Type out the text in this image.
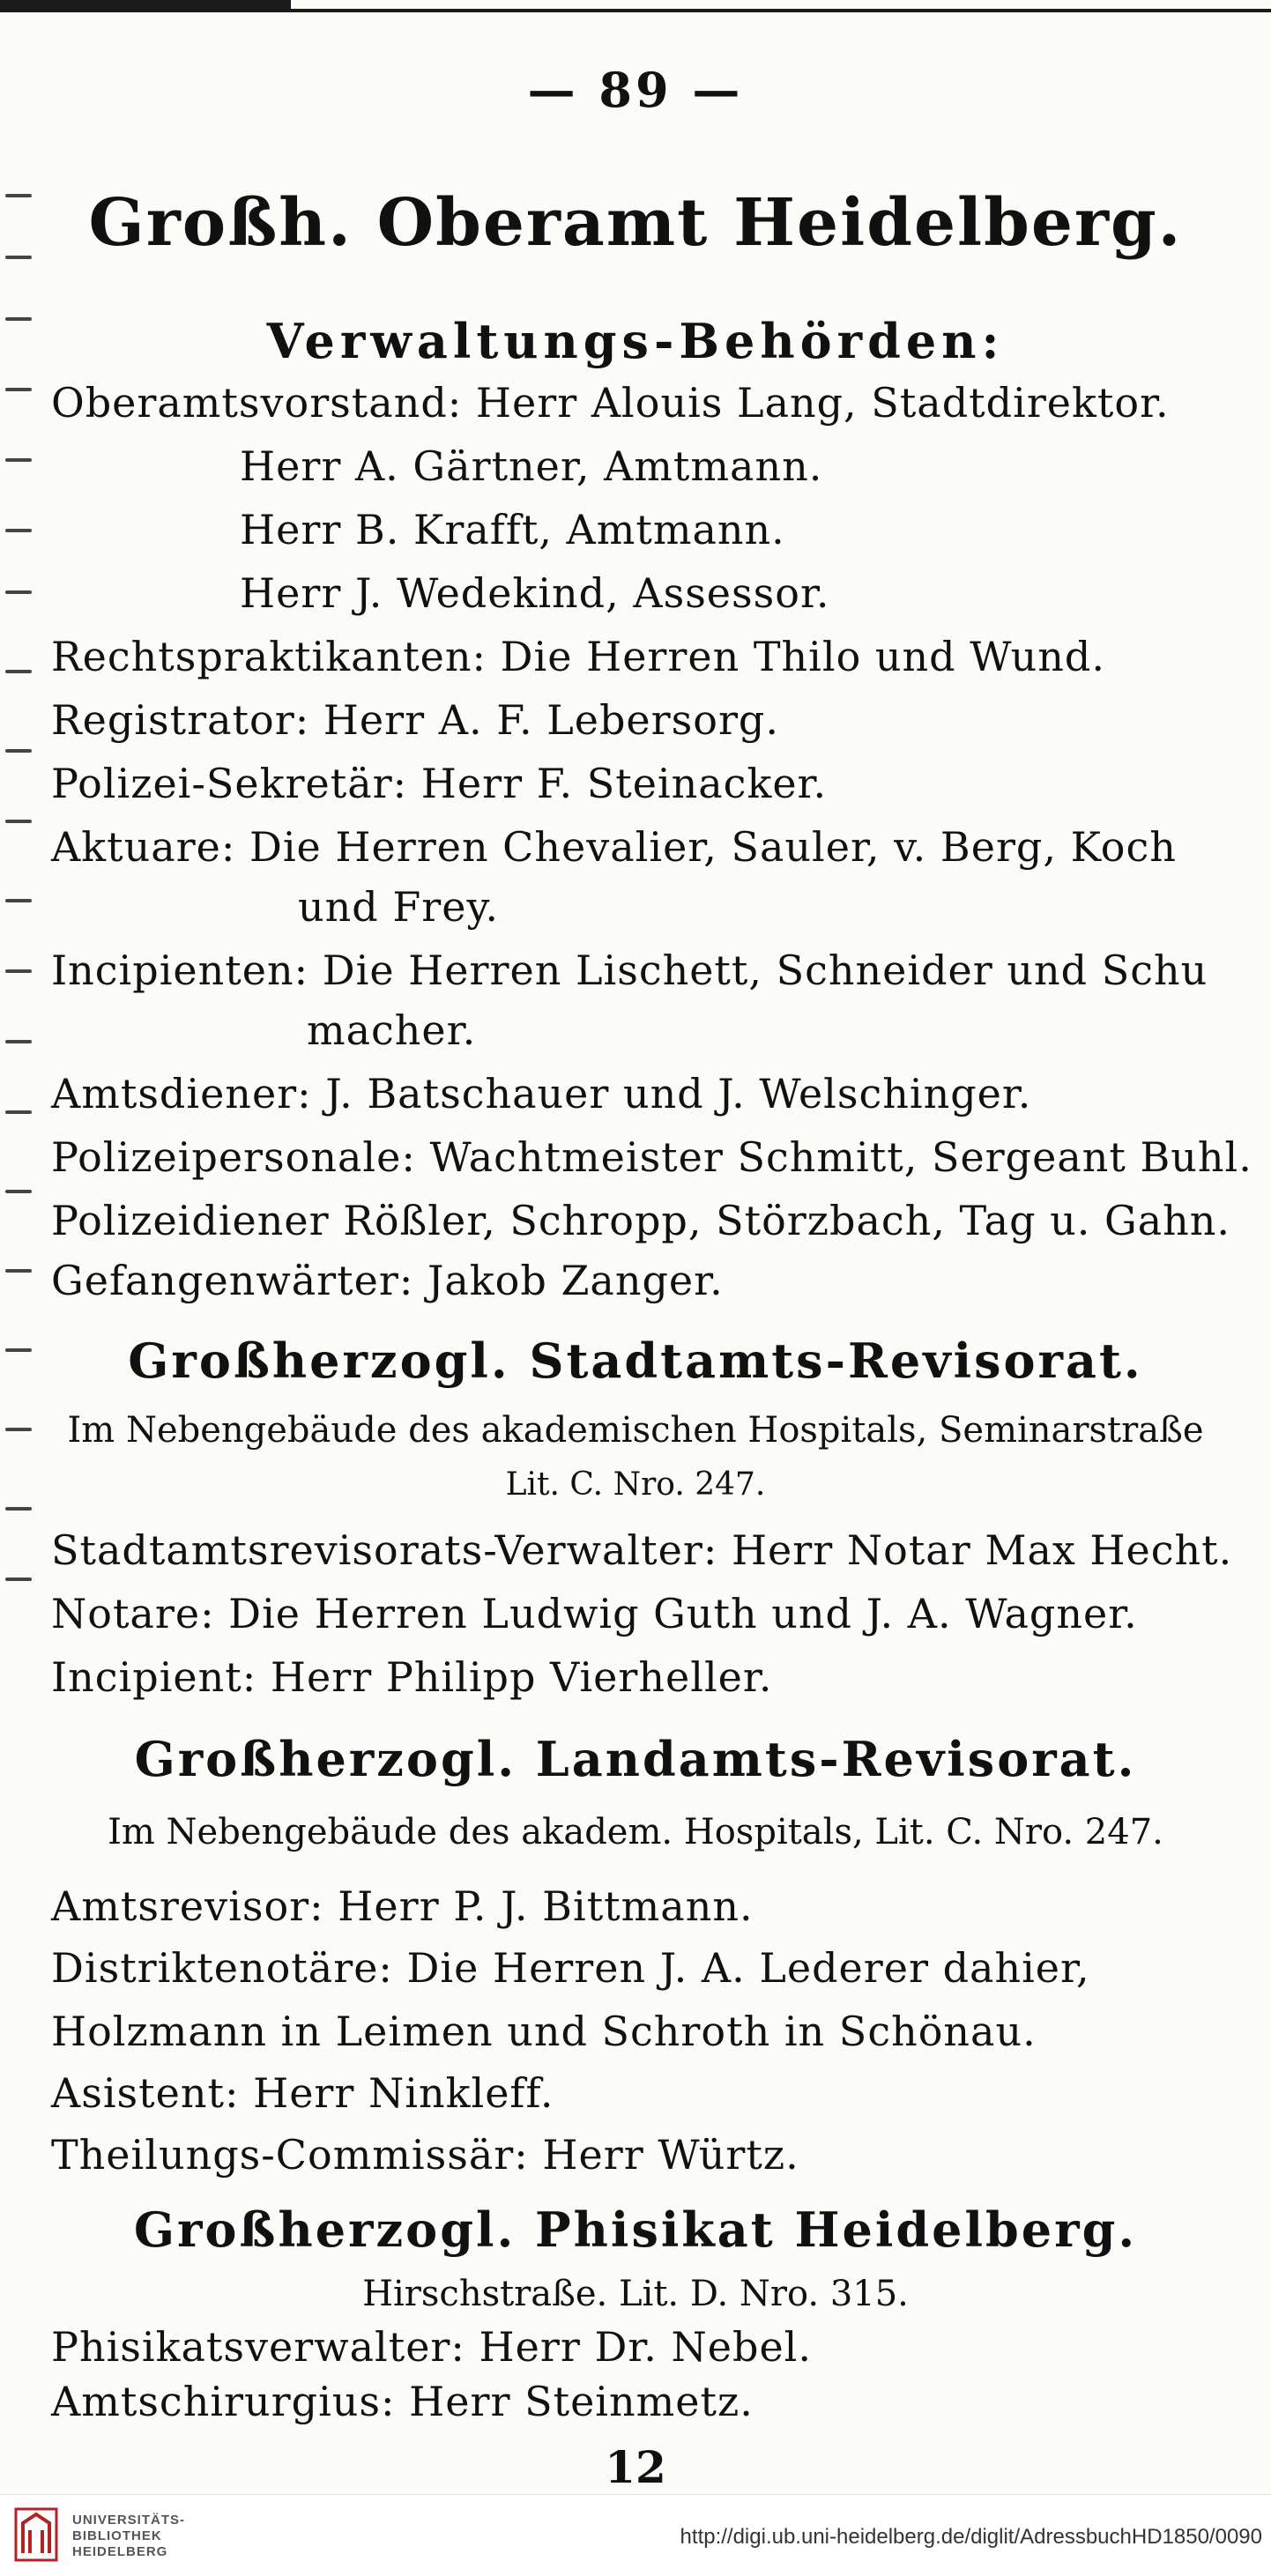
— 89 —
Großh. Oberamt Heidelberg.
Verwaltungs-Behörden:
Oberamtsvorstand: Herr Alouis Lang, Stadtdirektor.
Herr A. Gärtner, Amtmann.
Herr B. Krafft, Amtmann.
Herr J. Wedekind, Assessor.
Rechtspraktikanten: Die Herren Thilo und Wund.
Registrator: Herr A. F. Lebersorg.
Polizei-Sekretär: Herr F. Steinacker.
Aktuare: Die Herren Chevalier, Sauler, v. Berg, Koch
und Frey.
Incipienten: Die Herren Lischett, Schneider und Schu
macher.
Amtsdiener: J. Batschauer und J. Welschinger.
Polizeipersonale: Wachtmeister Schmitt, Sergeant Buhl.
Polizeidiener Rößler, Schropp, Störzbach, Tag u. Gahn.
Gefangenwärter: Jakob Zanger.
Großherzogl. Stadtamts-Revisorat.
Im Nebengebäude des akademischen Hospitals, Seminarstraße
Lit. C. Nro. 247.
Stadtamtsrevisorats-Verwalter: Herr Notar Max Hecht.
Notare: Die Herren Ludwig Guth und J. A. Wagner.
Incipient: Herr Philipp Vierheller.
Großherzogl. Landamts-Revisorat.
Im Nebengebäude des akadem. Hospitals, Lit. C. Nro. 247.
Amtsrevisor: Herr P. J. Bittmann.
Distriktenotäre: Die Herren J. A. Lederer dahier,
Holzmann in Leimen und Schroth in Schönau.
Asistent: Herr Ninkleff.
Theilungs-Commissär: Herr Würtz.
Großherzogl. Phisikat Heidelberg.
Hirschstraße. Lit. D. Nro. 315.
Phisikatsverwalter: Herr Dr. Nebel.
Amtschirurgius: Herr Steinmetz.
12
UNIVERSITÄTS-
BIBLIOTHEK
HEIDELBERG
http://digi.ub.uni-heidelberg.de/diglit/AdressbuchHD1850/0090
